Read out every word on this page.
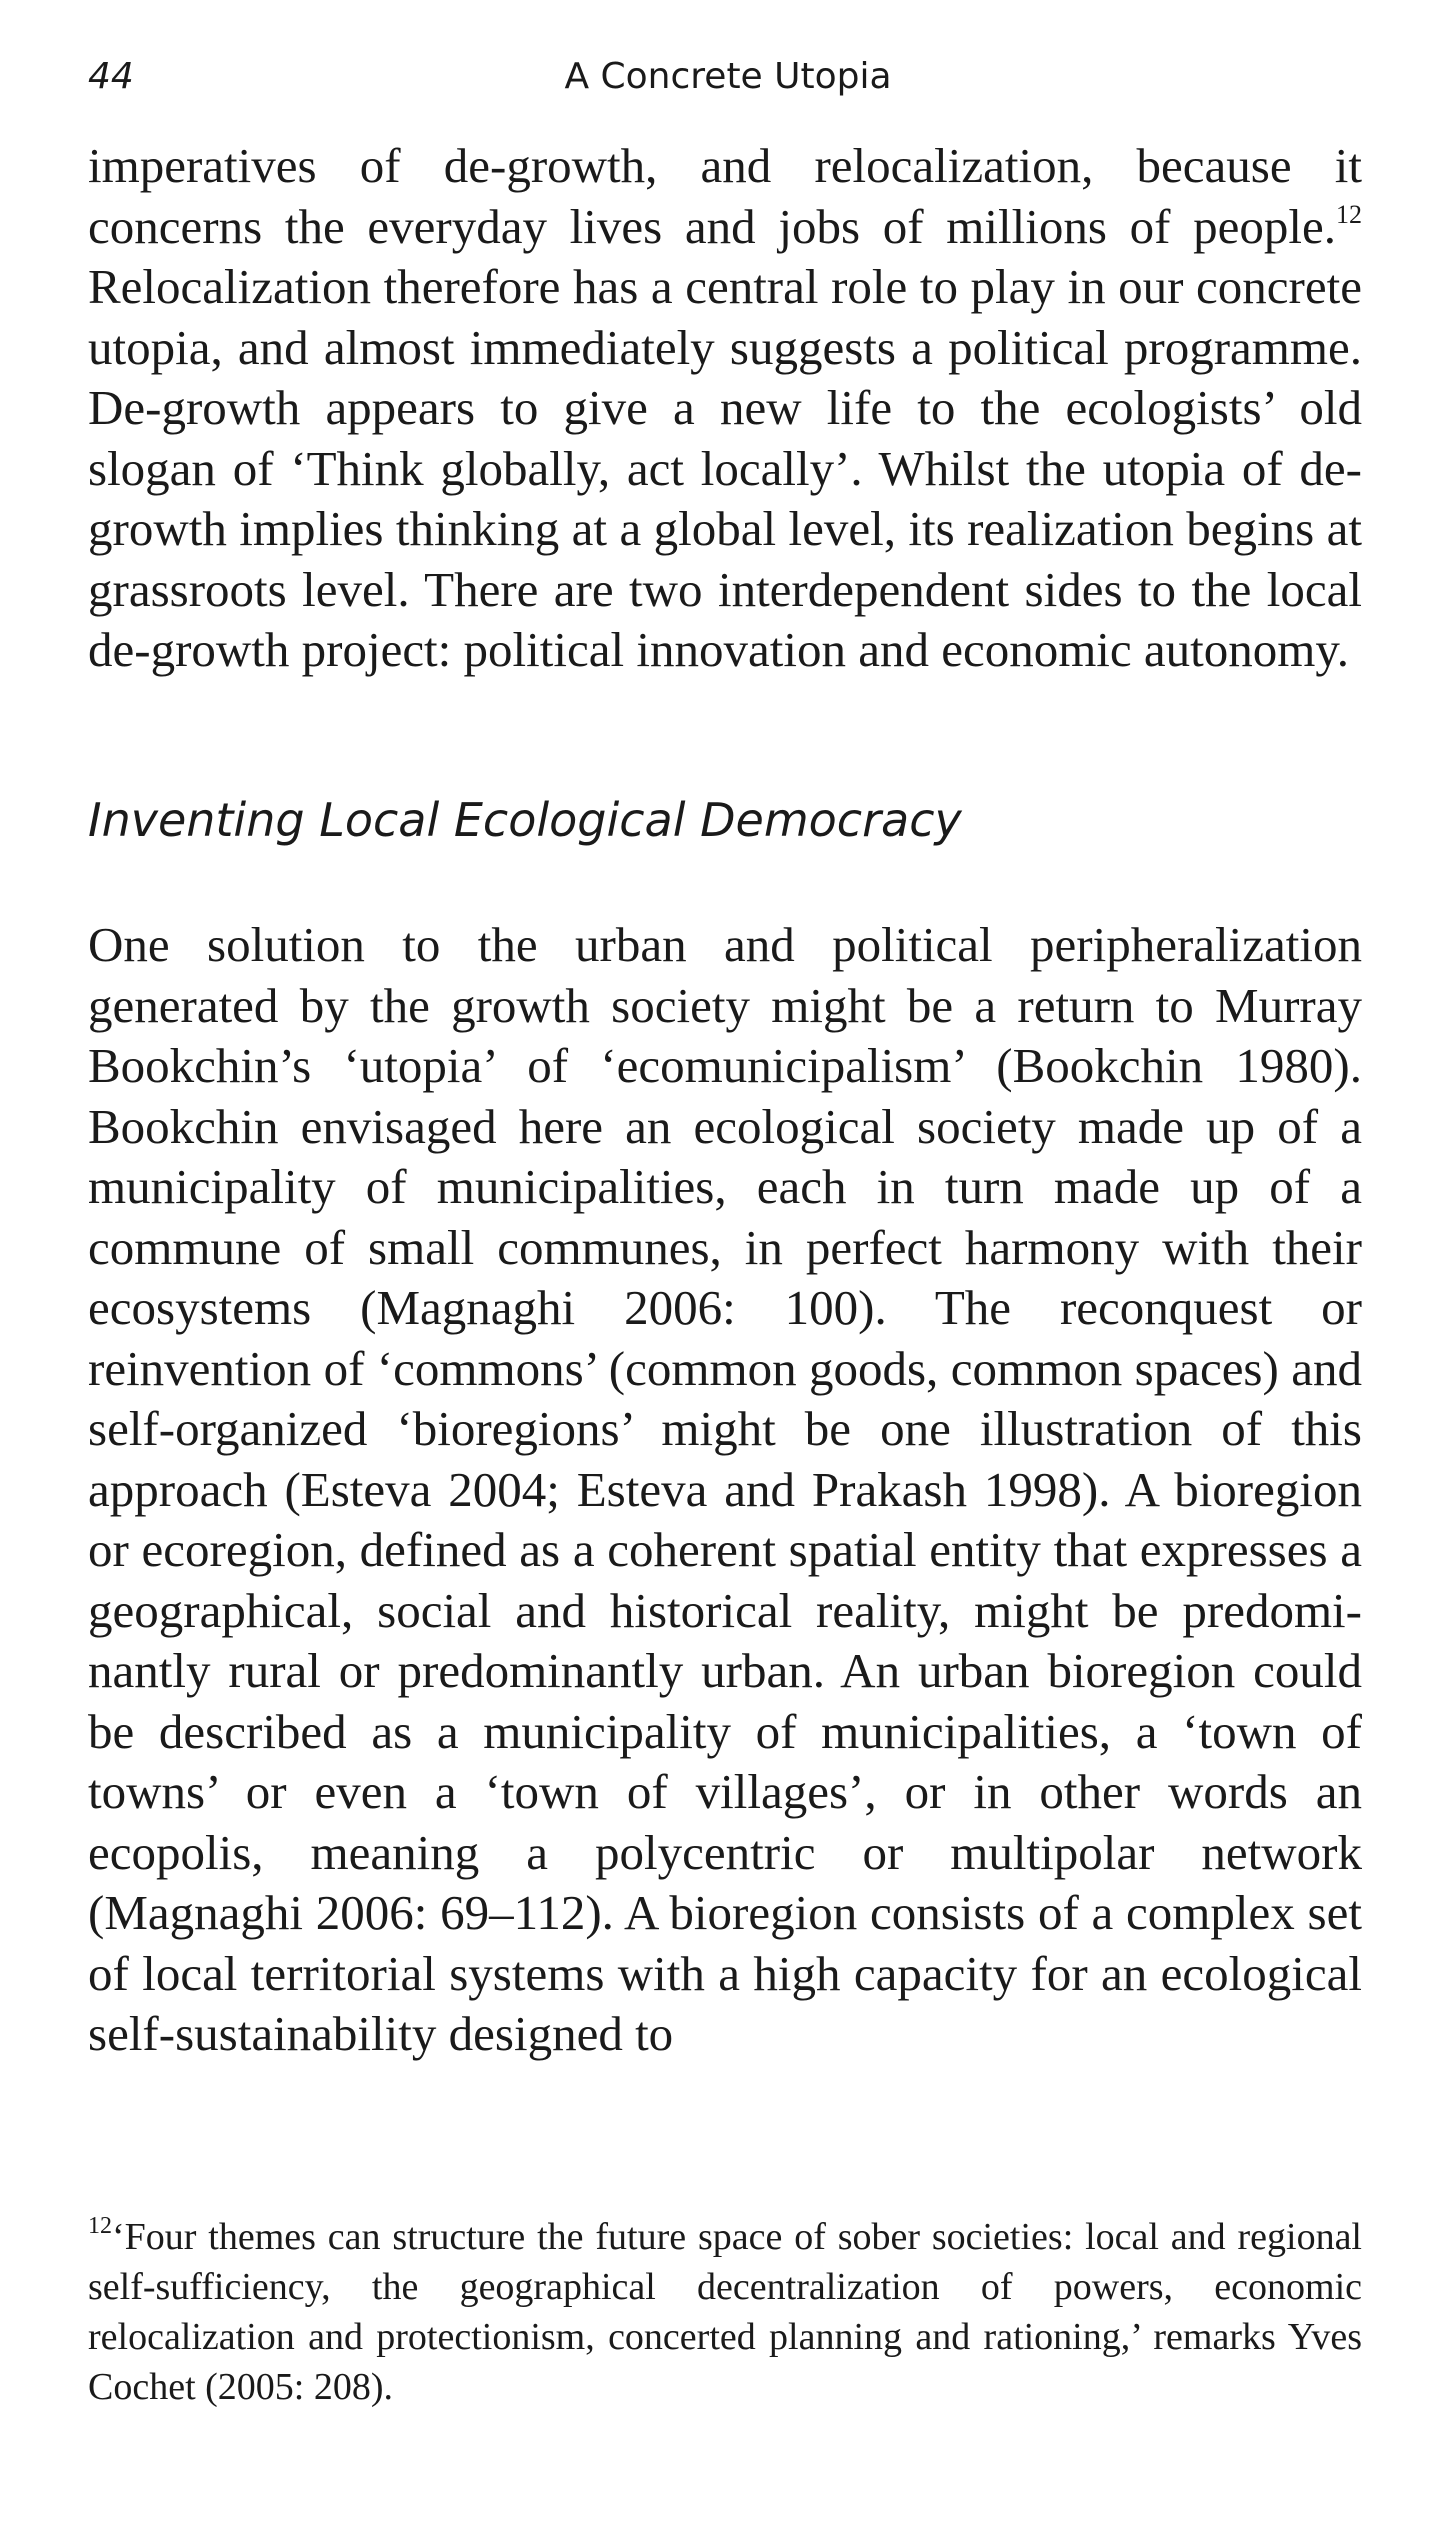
44	A Concrete Utopia
imperatives of de-growth, and relocalization, because it concerns the everyday lives and jobs of millions of people.$^{12}$ Relocalization therefore has a central role to play in our concrete utopia, and almost immediately suggests a political programme. De-growth appears to give a new life to the ecologists’ old slogan of ‘Think globally, act locally’. Whilst the utopia of de-growth implies thinking at a global level, its realization begins at grassroots level. There are two interdependent sides to the local de-growth project: political innovation and economic autonomy.
Inventing Local Ecological Democracy
One solution to the urban and political peripheralization generated by the growth society might be a return to Murray Bookchin’s ‘utopia’ of ‘ecomunicipalism’ (Bookchin 1980). Bookchin envisaged here an ecological society made up of a municipality of municipalities, each in turn made up of a commune of small communes, in perfect harmony with their ecosystems (Magnaghi 2006: 100). The reconquest or reinvention of ‘commons’ (common goods, common spaces) and self-organized ‘bioregions’ might be one illustration of this approach (Esteva 2004; Esteva and Prakash 1998). A bioregion or ecoregion, defined as a coherent spatial entity that expresses a geographical, social and historical reality, might be predominantly rural or predominantly urban. An urban bioregion could be described as a municipality of municipalities, a ‘town of towns’ or even a ‘town of villages’, or in other words an ecopolis, meaning a polycentric or multipolar network (Magnaghi 2006: 69–112). A bioregion consists of a complex set of local territorial systems with a high capacity for an ecological self-sustainability designed to
$^{12}$‘Four themes can structure the future space of sober societies: local and regional self-sufficiency, the geographical decentralization of powers, economic relocalization and protectionism, concerted planning and rationing,’ remarks Yves Cochet (2005: 208).
